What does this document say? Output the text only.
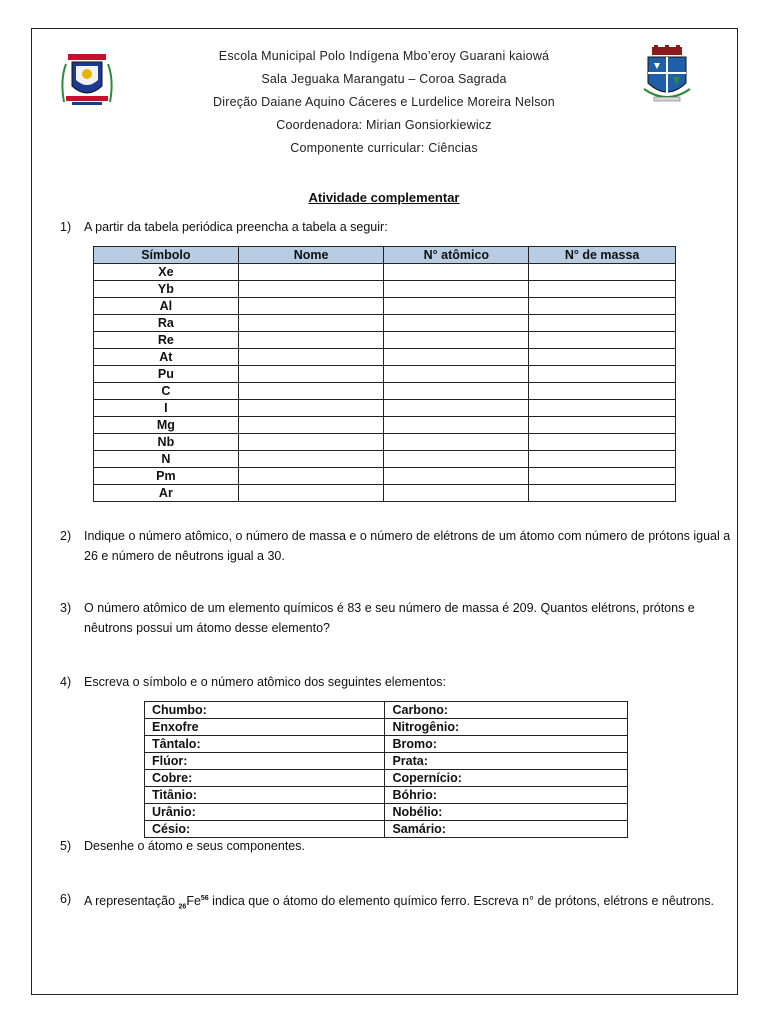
Escola Municipal Polo Indígena Mbo’eroy Guarani kaiowá
Sala Jeguaka Marangatu – Coroa Sagrada
Direção Daiane Aquino Cáceres e Lurdelice Moreira Nelson
Coordenadora: Mirian Gonsiorkiewicz
Componente curricular: Ciências
Atividade complementar
1) A partir da tabela periódica preencha a tabela a seguir:
Símbolo	Nome	N° atômico	N° de massa
Xe			
Yb			
Al			
Ra			
Re			
At			
Pu			
C			
I			
Mg			
Nb			
N			
Pm			
Ar			
2) Indique o número atômico, o número de massa e o número de elétrons de um átomo com número de prótons igual a 26 e número de nêutrons igual a 30.
3) O número atômico de um elemento químicos é 83 e seu número de massa é 209. Quantos elétrons, prótons e nêutrons possui um átomo desse elemento?
4) Escreva o símbolo e o número atômico dos seguintes elementos:
Chumbo:	Carbono:
Enxofre	Nitrogênio:
Tântalo:	Bromo:
Flúor:	Prata:
Cobre:	Copernício:
Titânio:	Bóhrio:
Urânio:	Nobélio:
Césio:	Samário:
5) Desenhe o átomo e seus componentes.
6) A representação $_{26}Fe^{56}$ indica que o átomo do elemento químico ferro. Escreva n° de prótons, elétrons e nêutrons.
